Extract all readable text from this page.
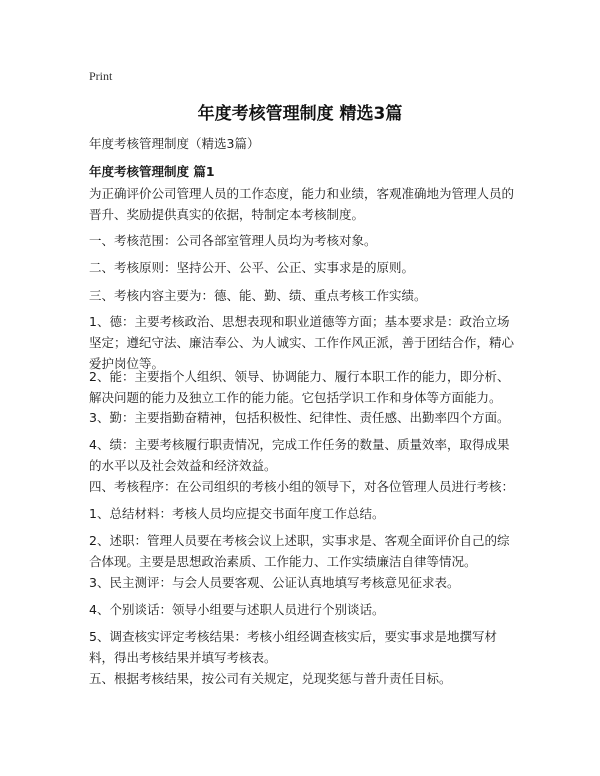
Print
年度考核管理制度 精选3篇
年度考核管理制度（精选3篇）
年度考核管理制度 篇1

为正确评价公司管理人员的工作态度，能力和业绩，客观准确地为管理人员的晋升、奖励提供真实的依据，特制定本考核制度。

一、考核范围：公司各部室管理人员均为考核对象。

二、考核原则：坚持公开、公平、公正、实事求是的原则。

三、考核内容主要为：德、能、勤、绩、重点考核工作实绩。

1、德：主要考核政治、思想表现和职业道德等方面；基本要求是：政治立场坚定；遵纪守法、廉洁奉公、为人诚实、工作作风正派，善于团结合作，精心爱护岗位等。

2、能：主要指个人组织、领导、协调能力、履行本职工作的能力，即分析、解决问题的能力及独立工作的能力能。它包括学识工作和身体等方面能力。

3、勤：主要指勤奋精神，包括积极性、纪律性、责任感、出勤率四个方面。

4、绩：主要考核履行职责情况，完成工作任务的数量、质量效率，取得成果的水平以及社会效益和经济效益。

四、考核程序：在公司组织的考核小组的领导下，对各位管理人员进行考核：

1、总结材料：考核人员均应提交书面年度工作总结。

2、述职：管理人员要在考核会议上述职，实事求是、客观全面评价自己的综合体现。主要是思想政治素质、工作能力、工作实绩廉洁自律等情况。

3、民主测评：与会人员要客观、公证认真地填写考核意见征求表。

4、个别谈话：领导小组要与述职人员进行个别谈话。

5、调查核实评定考核结果：考核小组经调查核实后，要实事求是地撰写材料，得出考核结果并填写考核表。

五、根据考核结果，按公司有关规定，兑现奖惩与普升责任目标。
